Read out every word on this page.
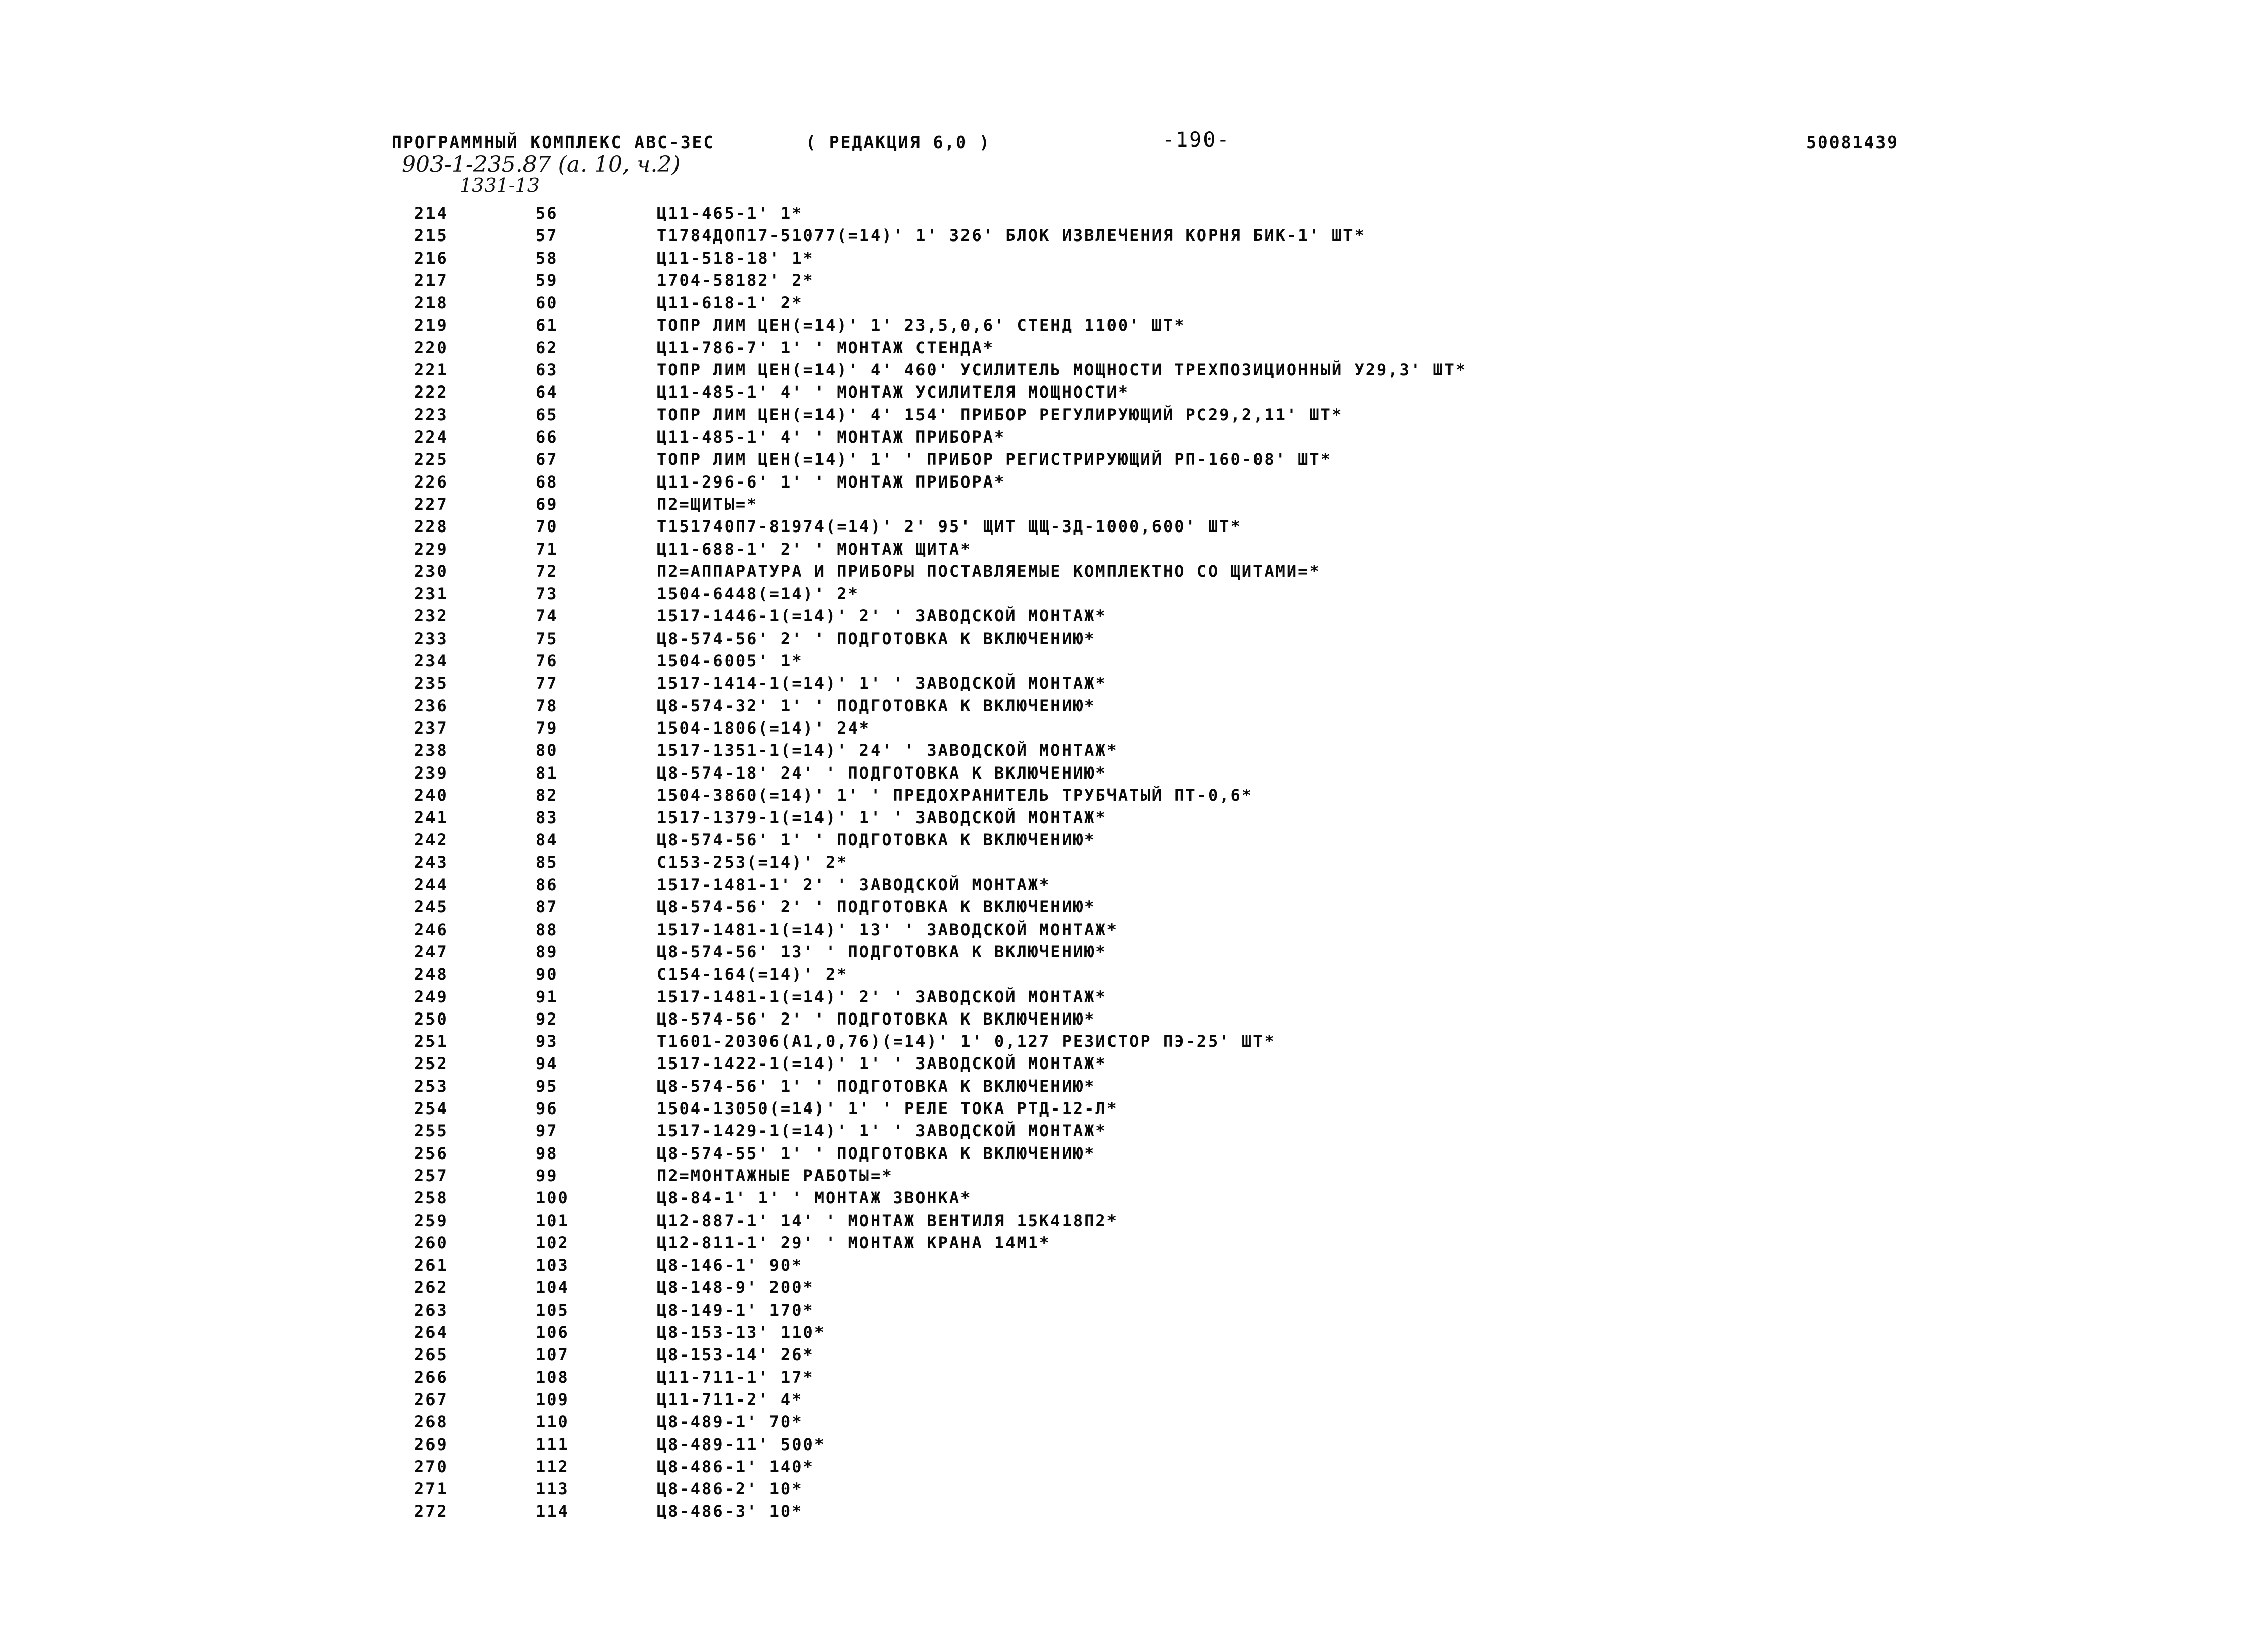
ПРОГРАММНЫЙ КОМПЛЕКС АВС-ЗЕС	( РЕДАКЦИЯ 6,0 )	-190-	50081439
903-1-235.87 (а. 10, ч.2)
1331-13
214	56	Ц11-465-1' 1*
215	57	Т1784ДОП17-51077(=14)' 1' 326' БЛОК ИЗВЛЕЧЕНИЯ КОРНЯ БИК-1' ШТ*
216	58	Ц11-518-18' 1*
217	59	1704-58182' 2*
218	60	Ц11-618-1' 2*
219	61	ТОПР ЛИМ ЦЕН(=14)' 1' 23,5,0,6' СТЕНД 1100' ШТ*
220	62	Ц11-786-7' 1' ' МОНТАЖ СТЕНДА*
221	63	ТОПР ЛИМ ЦЕН(=14)' 4' 460' УСИЛИТЕЛЬ МОЩНОСТИ ТРЕХПОЗИЦИОННЫЙ У29,3' ШТ*
222	64	Ц11-485-1' 4' ' МОНТАЖ УСИЛИТЕЛЯ МОЩНОСТИ*
223	65	ТОПР ЛИМ ЦЕН(=14)' 4' 154' ПРИБОР РЕГУЛИРУЮЩИЙ РС29,2,11' ШТ*
224	66	Ц11-485-1' 4' ' МОНТАЖ ПРИБОРА*
225	67	ТОПР ЛИМ ЦЕН(=14)' 1' ' ПРИБОР РЕГИСТРИРУЮЩИЙ РП-160-08' ШТ*
226	68	Ц11-296-6' 1' ' МОНТАЖ ПРИБОРА*
227	69	П2=ЩИТЫ=*
228	70	Т151740П7-81974(=14)' 2' 95' ЩИТ ЩЩ-3Д-1000,600' ШТ*
229	71	Ц11-688-1' 2' ' МОНТАЖ ЩИТА*
230	72	П2=АППАРАТУРА И ПРИБОРЫ ПОСТАВЛЯЕМЫЕ КОМПЛЕКТНО СО ЩИТАМИ=*
231	73	1504-6448(=14)' 2*
232	74	1517-1446-1(=14)' 2' ' ЗАВОДСКОЙ МОНТАЖ*
233	75	Ц8-574-56' 2' ' ПОДГОТОВКА К ВКЛЮЧЕНИЮ*
234	76	1504-6005' 1*
235	77	1517-1414-1(=14)' 1' ' ЗАВОДСКОЙ МОНТАЖ*
236	78	Ц8-574-32' 1' ' ПОДГОТОВКА К ВКЛЮЧЕНИЮ*
237	79	1504-1806(=14)' 24*
238	80	1517-1351-1(=14)' 24' ' ЗАВОДСКОЙ МОНТАЖ*
239	81	Ц8-574-18' 24' ' ПОДГОТОВКА К ВКЛЮЧЕНИЮ*
240	82	1504-3860(=14)' 1' ' ПРЕДОХРАНИТЕЛЬ ТРУБЧАТЫЙ ПТ-0,6*
241	83	1517-1379-1(=14)' 1' ' ЗАВОДСКОЙ МОНТАЖ*
242	84	Ц8-574-56' 1' ' ПОДГОТОВКА К ВКЛЮЧЕНИЮ*
243	85	С153-253(=14)' 2*
244	86	1517-1481-1' 2' ' ЗАВОДСКОЙ МОНТАЖ*
245	87	Ц8-574-56' 2' ' ПОДГОТОВКА К ВКЛЮЧЕНИЮ*
246	88	1517-1481-1(=14)' 13' ' ЗАВОДСКОЙ МОНТАЖ*
247	89	Ц8-574-56' 13' ' ПОДГОТОВКА К ВКЛЮЧЕНИЮ*
248	90	С154-164(=14)' 2*
249	91	1517-1481-1(=14)' 2' ' ЗАВОДСКОЙ МОНТАЖ*
250	92	Ц8-574-56' 2' ' ПОДГОТОВКА К ВКЛЮЧЕНИЮ*
251	93	Т1601-20306(А1,0,76)(=14)' 1' 0,127 РЕЗИСТОР ПЭ-25' ШТ*
252	94	1517-1422-1(=14)' 1' ' ЗАВОДСКОЙ МОНТАЖ*
253	95	Ц8-574-56' 1' ' ПОДГОТОВКА К ВКЛЮЧЕНИЮ*
254	96	1504-13050(=14)' 1' ' РЕЛЕ ТОКА РТД-12-Л*
255	97	1517-1429-1(=14)' 1' ' ЗАВОДСКОЙ МОНТАЖ*
256	98	Ц8-574-55' 1' ' ПОДГОТОВКА К ВКЛЮЧЕНИЮ*
257	99	П2=МОНТАЖНЫЕ РАБОТЫ=*
258	100	Ц8-84-1' 1' ' МОНТАЖ ЗВОНКА*
259	101	Ц12-887-1' 14' ' МОНТАЖ ВЕНТИЛЯ 15К418П2*
260	102	Ц12-811-1' 29' ' МОНТАЖ КРАНА 14М1*
261	103	Ц8-146-1' 90*
262	104	Ц8-148-9' 200*
263	105	Ц8-149-1' 170*
264	106	Ц8-153-13' 110*
265	107	Ц8-153-14' 26*
266	108	Ц11-711-1' 17*
267	109	Ц11-711-2' 4*
268	110	Ц8-489-1' 70*
269	111	Ц8-489-11' 500*
270	112	Ц8-486-1' 140*
271	113	Ц8-486-2' 10*
272	114	Ц8-486-3' 10*
